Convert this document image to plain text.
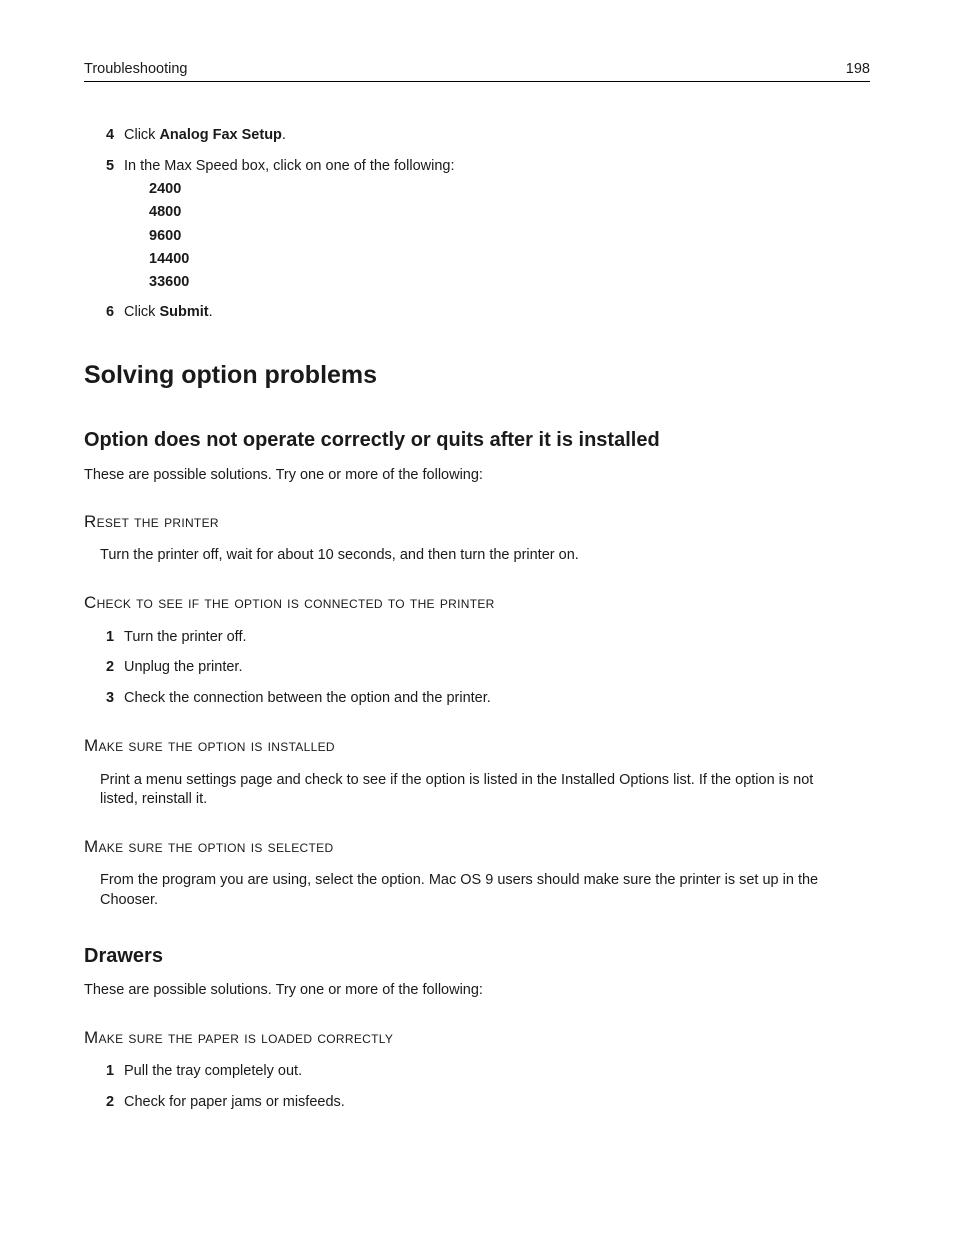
Troubleshooting	198
4 Click Analog Fax Setup.
5 In the Max Speed box, click on one of the following:
2400
4800
9600
14400
33600
6 Click Submit.
Solving option problems
Option does not operate correctly or quits after it is installed
These are possible solutions. Try one or more of the following:
Reset the printer
Turn the printer off, wait for about 10 seconds, and then turn the printer on.
Check to see if the option is connected to the printer
1 Turn the printer off.
2 Unplug the printer.
3 Check the connection between the option and the printer.
Make sure the option is installed
Print a menu settings page and check to see if the option is listed in the Installed Options list. If the option is not
listed, reinstall it.
Make sure the option is selected
From the program you are using, select the option. Mac OS 9 users should make sure the printer is set up in the
Chooser.
Drawers
These are possible solutions. Try one or more of the following:
Make sure the paper is loaded correctly
1 Pull the tray completely out.
2 Check for paper jams or misfeeds.
